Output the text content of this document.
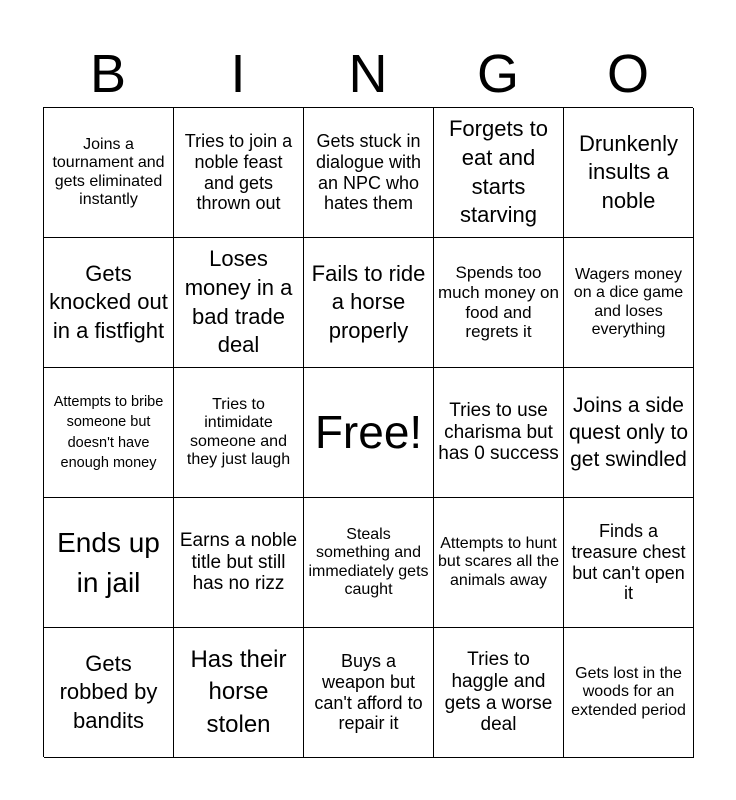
B	I	N	G	O
Joins a tournament and gets eliminated instantly
Tries to join a noble feast and gets thrown out
Gets stuck in dialogue with an NPC who hates them
Forgets to eat and starts starving
Drunkenly insults a noble
Gets knocked out in a fistfight
Loses money in a bad trade deal
Fails to ride a horse properly
Spends too much money on food and regrets it
Wagers money on a dice game and loses everything
Attempts to bribe someone but doesn't have enough money
Tries to intimidate someone and they just laugh
Free!	Tries to use charisma but has 0 success
Joins a side quest only to get swindled
Ends up in jail
Earns a noble title but still has no rizz
Steals something and immediately gets caught
Attempts to hunt but scares all the animals away
Finds a treasure chest but can't open it
Gets robbed by bandits
Has their horse stolen
Buys a weapon but can't afford to repair it
Tries to haggle and gets a worse deal
Gets lost in the woods for an extended period
